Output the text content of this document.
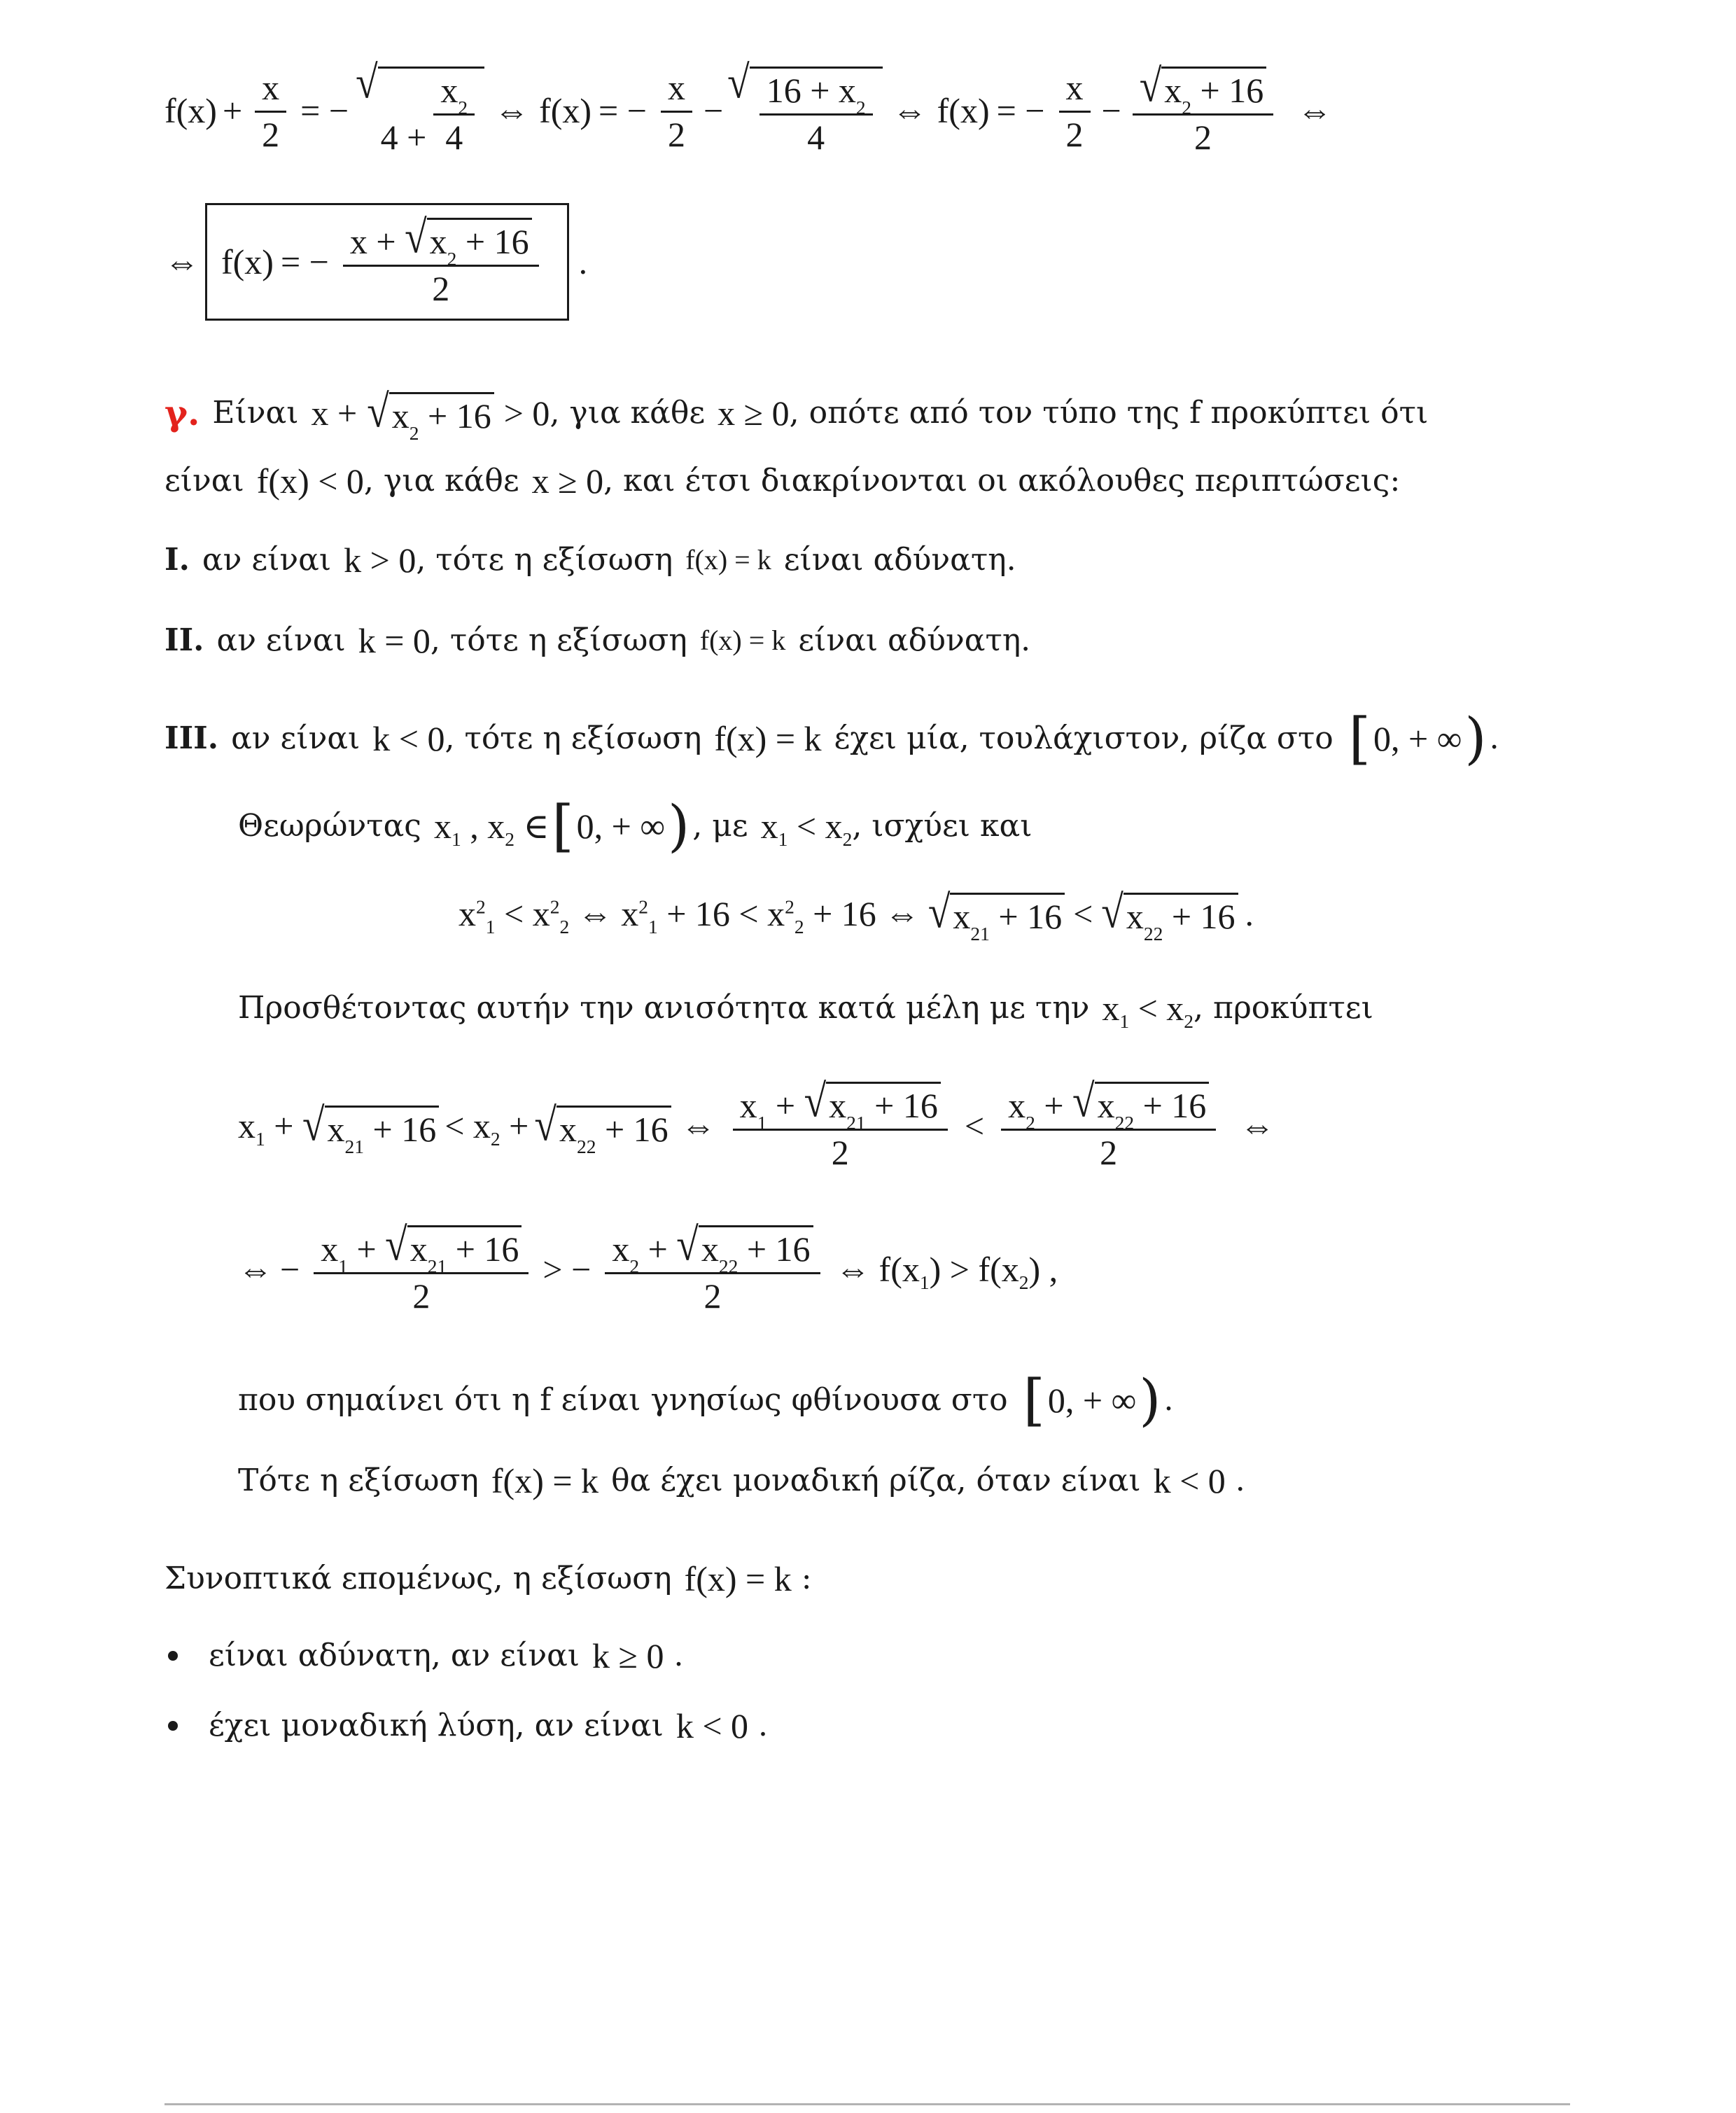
$f(x) + \frac{x}{2}$ = −
√
$4 + \frac{x 2}{4}$ ⇔ f(x) = − $\frac{x}{2}$ −
√ $\frac{16 + x 2}{4}$ ⇔ f(x) = − $\frac{x}{2}$ − √ x 2
+ 16
2 ⇔
⇔ f(x) = − x +
√ x 2
+ 16
2 .
γ. Είναι x +
√ x 2
+ 16 > 0 , για κάθε x ≥ 0 , οπότε από τον τύπο της f προκύπτει ότι
είναι f(x) < 0 , για κάθε x ≥ 0 , και έτσι διακρίνονται οι ακόλουθες περιπτώσεις:
Ι. αν είναι k > 0 , τότε η εξίσωση f(x) = k είναι αδύνατη.
ΙΙ. αν είναι k = 0 , τότε η εξίσωση f(x) = k είναι αδύνατη.
ΙΙΙ. αν είναι k < 0 , τότε η εξίσωση f(x) = k έχει μία, τουλάχιστον, ρίζα στο [ 0, + ∞ ) .
Θεωρώντας $x_1$ , $x_2$ ∈ [ 0, + ∞ ) , με $x_1 < x_2$ , ισχύει και
$x^2_1 < x^2_2$ ⇔ $x^2_1 + 16 < x^2_2 + 16$ ⇔ √ x 2 1 + 16 < √ x 2 2 + 16 .
Προσθέτοντας αυτήν την ανισότητα κατά μέλη με την $x_1 < x_2$ , προκύπτει
$x_1$ +
√ x 2 $1 + 16 < x_2$ + √ x 2 2 + 16 ⇔ $\frac{x 1 + √ x 2 1 + 16}{2} < \frac{x 2 + √ x 2 2 + 16}{2}$ ⇔
⇔ − $\frac{x 1 + √ x 2 1 + 16}{2}$ > − $\frac{x 2 + √ x 2 2 + 16}{2}$ ⇔ $f(x_1) > f(x_2)$ ,
που σημαίνει ότι η f είναι γνησίως φθίνουσα στο [ 0, + ∞ ) .
Τότε η εξίσωση f(x) = k θα έχει μοναδική ρίζα, όταν είναι k < 0
.
Συνοπτικά επομένως, η εξίσωση f(x) = k
:
είναι αδύνατη, αν είναι k ≥ 0
.
έχει μοναδική λύση, αν είναι k < 0
.
